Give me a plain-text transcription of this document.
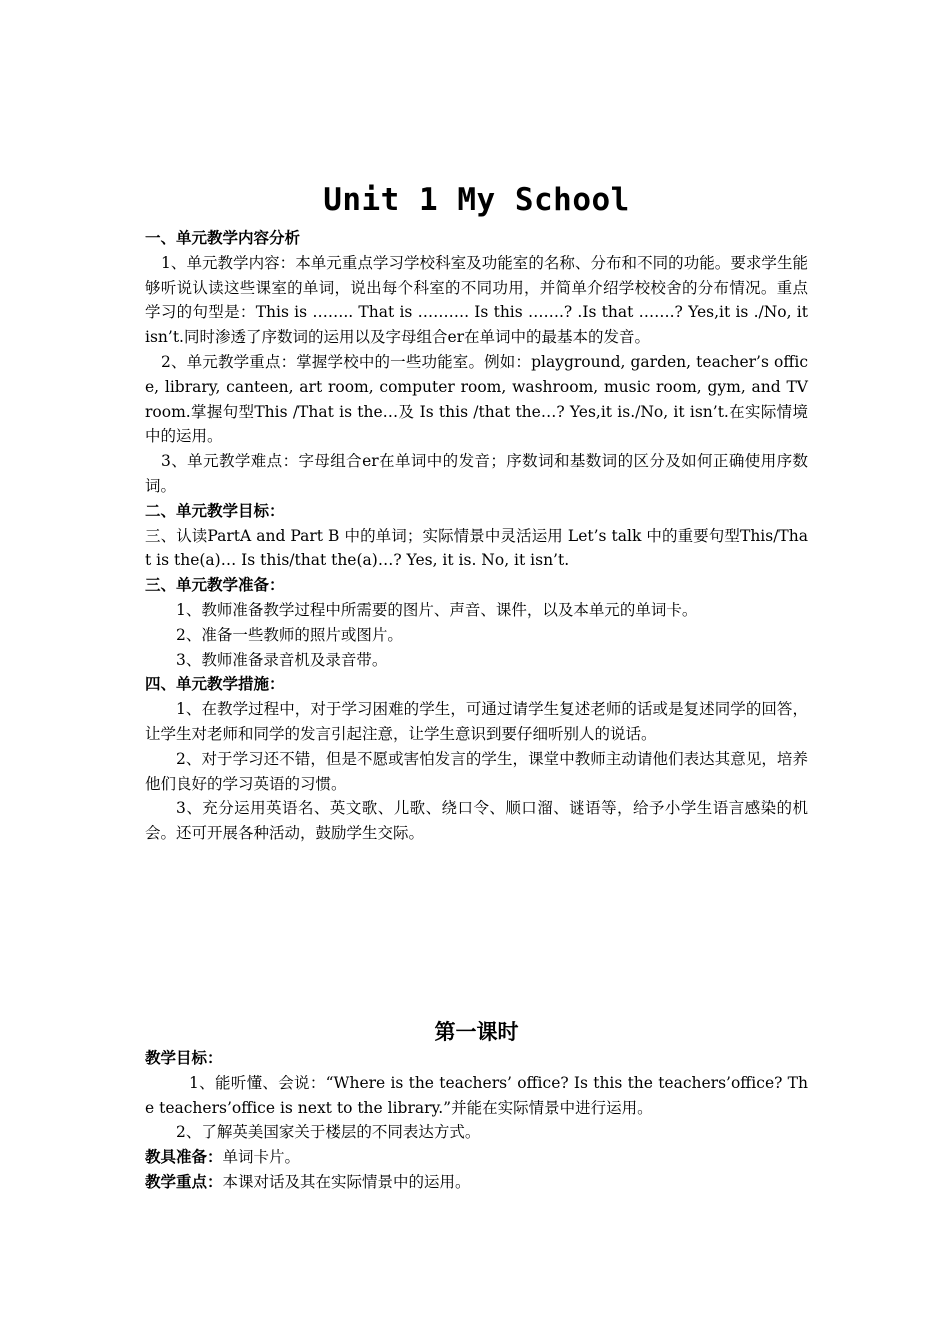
Unit 1 My School

一、单元教学内容分析

1、单元教学内容：本单元重点学习学校科室及功能室的名称、分布和不同的功能。要求学生能够听说认读这些课室的单词，说出每个科室的不同功用，并简单介绍学校校舍的分布情况。重点学习的句型是：This is …….. That is ………. Is this …….? .Is that …….? Yes,it is ./No, it isn’t.同时渗透了序数词的运用以及字母组合er在单词中的最基本的发音。

2、单元教学重点：掌握学校中的一些功能室。例如：playground, garden, teacher’s office, library, canteen, art room, computer room, washroom, music room, gym, and TV room.掌握句型This /That is the…及 Is this /that the…? Yes,it is./No, it isn’t.在实际情境中的运用。

3、单元教学难点：字母组合er在单词中的发音；序数词和基数词的区分及如何正确使用序数词。

二、单元教学目标：

三、认读PartA and Part B 中的单词；实际情景中灵活运用 Let’s talk 中的重要句型This/That is the(a)… Is this/that the(a)…? Yes, it is. No, it isn’t.

三、单元教学准备：

1、教师准备教学过程中所需要的图片、声音、课件，以及本单元的单词卡。

2、准备一些教师的照片或图片。

3、教师准备录音机及录音带。

四、单元教学措施：

1、在教学过程中，对于学习困难的学生，可通过请学生复述老师的话或是复述同学的回答，让学生对老师和同学的发言引起注意，让学生意识到要仔细听别人的说话。

2、对于学习还不错，但是不愿或害怕发言的学生，课堂中教师主动请他们表达其意见，培养他们良好的学习英语的习惯。

3、充分运用英语名、英文歌、儿歌、绕口令、顺口溜、谜语等，给予小学生语言感染的机会。还可开展各种活动，鼓励学生交际。

第一课时

教学目标：

1、能听懂、会说：“Where is the teachers’ office? Is this the teachers’office? The teachers’office is next to the library.”并能在实际情景中进行运用。

2、了解英美国家关于楼层的不同表达方式。

教具准备：单词卡片。

教学重点：本课对话及其在实际情景中的运用。
